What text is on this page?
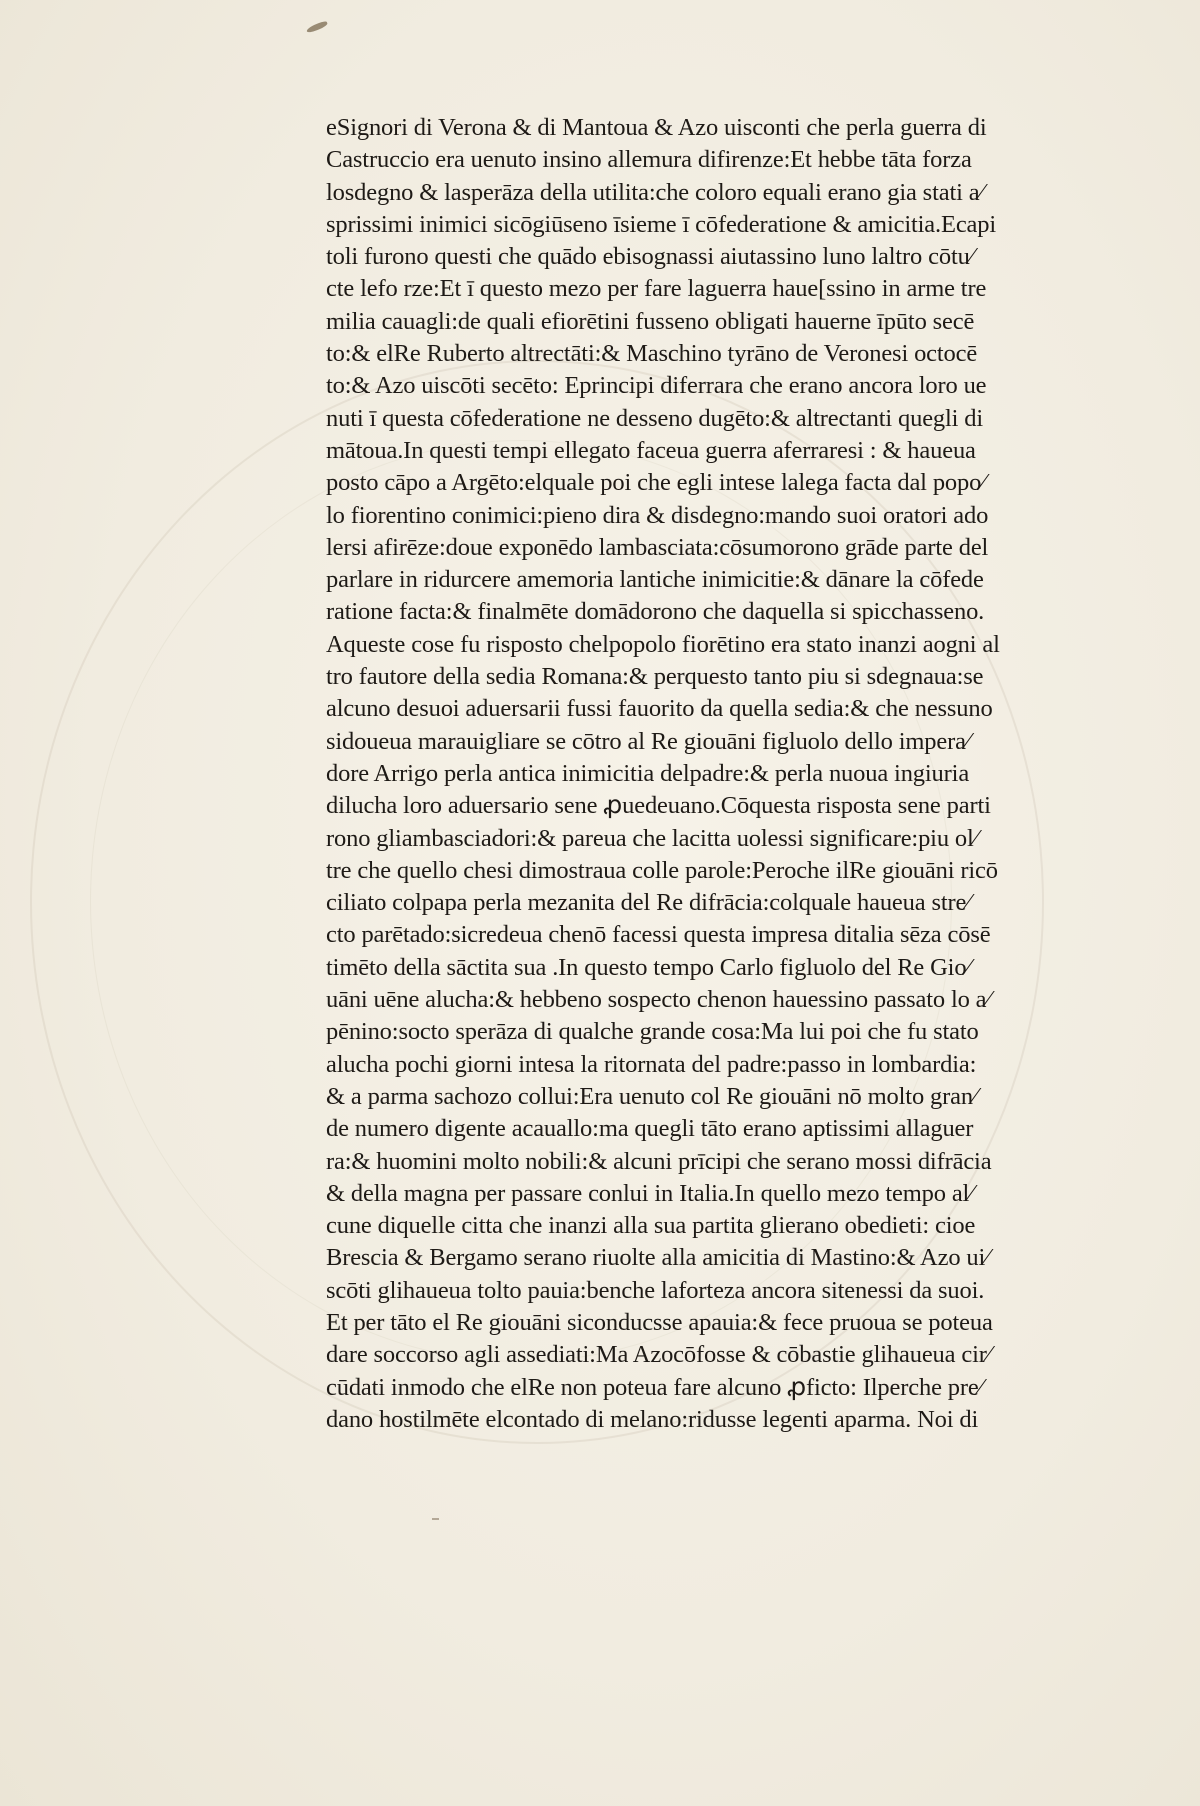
eSignori di Verona & di Mantoua & Azo uisconti che perla guerra di
Castruccio era uenuto insino allemura difirenze:Et hebbe tāta forza
losdegno & lasperāza della utilita:che coloro equali erano gia stati a⁄
sprissimi inimici sicōgiūseno īsieme ī cōfederatione & amicitia.Ecapi
toli furono questi che quādo ebisognassi aiutassino luno laltro cōtu⁄
cte lefo rze:Et ī questo mezo per fare laguerra haue[ssino in arme tre
milia cauagli:de quali efiorētini fusseno obligati hauerne īpūto secē
to:& elRe Ruberto altrectāti:& Maschino tyrāno de Veronesi octocē
to:& Azo uiscōti secēto: Eprincipi diferrara che erano ancora loro ue
nuti ī questa cōfederatione ne desseno dugēto:& altrectanti quegli di
mātoua.In questi tempi ellegato faceua guerra aferraresi : & haueua
posto cāpo a Argēto:elquale poi che egli intese lalega facta dal popo⁄
lo fiorentino conimici:pieno dira & disdegno:mando suoi oratori ado
lersi afirēze:doue exponēdo lambasciata:cōsumorono grāde parte del
parlare in ridurcere amemoria lantiche inimicitie:& dānare la cōfede
ratione facta:& finalmēte domādorono che daquella si spicchasseno.
Aqueste cose fu risposto chelpopolo fiorētino era stato inanzi aogni al
tro fautore della sedia Romana:& perquesto tanto piu si sdegnaua:se
alcuno desuoi aduersarii fussi fauorito da quella sedia:& che nessuno
sidoueua marauigliare se cōtro al Re giouāni figluolo dello impera⁄
dore Arrigo perla antica inimicitia delpadre:& perla nuoua ingiuria
dilucha loro aduersario sene ꝓuedeuano.Cōquesta risposta sene parti
rono gliambasciadori:& pareua che lacitta uolessi significare:piu ol⁄
tre che quello chesi dimostraua colle parole:Peroche ilRe giouāni ricō
ciliato colpapa perla mezanita del Re difrācia:colquale haueua stre⁄
cto parētado:sicredeua chenō facessi questa impresa ditalia sēza cōsē
timēto della sāctita sua .In questo tempo Carlo figluolo del Re Gio⁄
uāni uēne alucha:& hebbeno sospecto chenon hauessino passato lo a⁄
pēnino:socto sperāza di qualche grande cosa:Ma lui poi che fu stato
alucha pochi giorni intesa la ritornata del padre:passo in lombardia:
& a parma sachozo collui:Era uenuto col Re giouāni nō molto gran⁄
de numero digente acauallo:ma quegli tāto erano aptissimi allaguer
ra:& huomini molto nobili:& alcuni prīcipi che serano mossi difrācia
& della magna per passare conlui in Italia.In quello mezo tempo al⁄
cune diquelle citta che inanzi alla sua partita glierano obedieti: cioe
Brescia & Bergamo serano riuolte alla amicitia di Mastino:& Azo ui⁄
scōti glihaueua tolto pauia:benche laforteza ancora sitenessi da suoi.
Et per tāto el Re giouāni siconducsse apauia:& fece pruoua se poteua
dare soccorso agli assediati:Ma Azocōfosse & cōbastie glihaueua cir⁄
cūdati inmodo che elRe non poteua fare alcuno ꝓficto: Ilperche pre⁄
dano hostilmēte elcontado di melano:ridusse legenti aparma. Noi di
